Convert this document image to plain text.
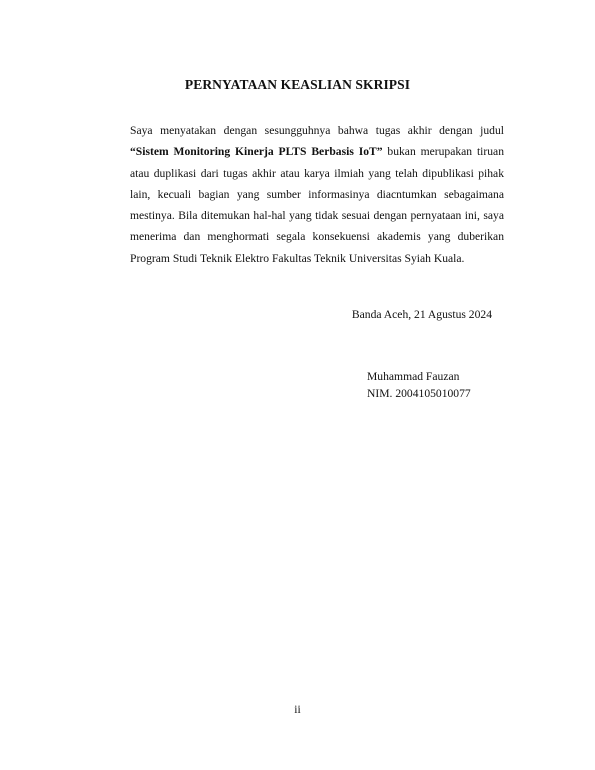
PERNYATAAN KEASLIAN SKRIPSI

Saya menyatakan dengan sesungguhnya bahwa tugas akhir dengan judul “Sistem Monitoring Kinerja PLTS Berbasis IoT” bukan merupakan tiruan atau duplikasi dari tugas akhir atau karya ilmiah yang telah dipublikasi pihak lain, kecuali bagian yang sumber informasinya diacntumkan sebagaimana mestinya. Bila ditemukan hal-hal yang tidak sesuai dengan pernyataan ini, saya menerima dan menghormati segala konsekuensi akademis yang duberikan Program Studi Teknik Elektro Fakultas Teknik Universitas Syiah Kuala.

Banda Aceh, 21 Agustus 2024
Muhammad Fauzan
NIM. 2004105010077
ii
